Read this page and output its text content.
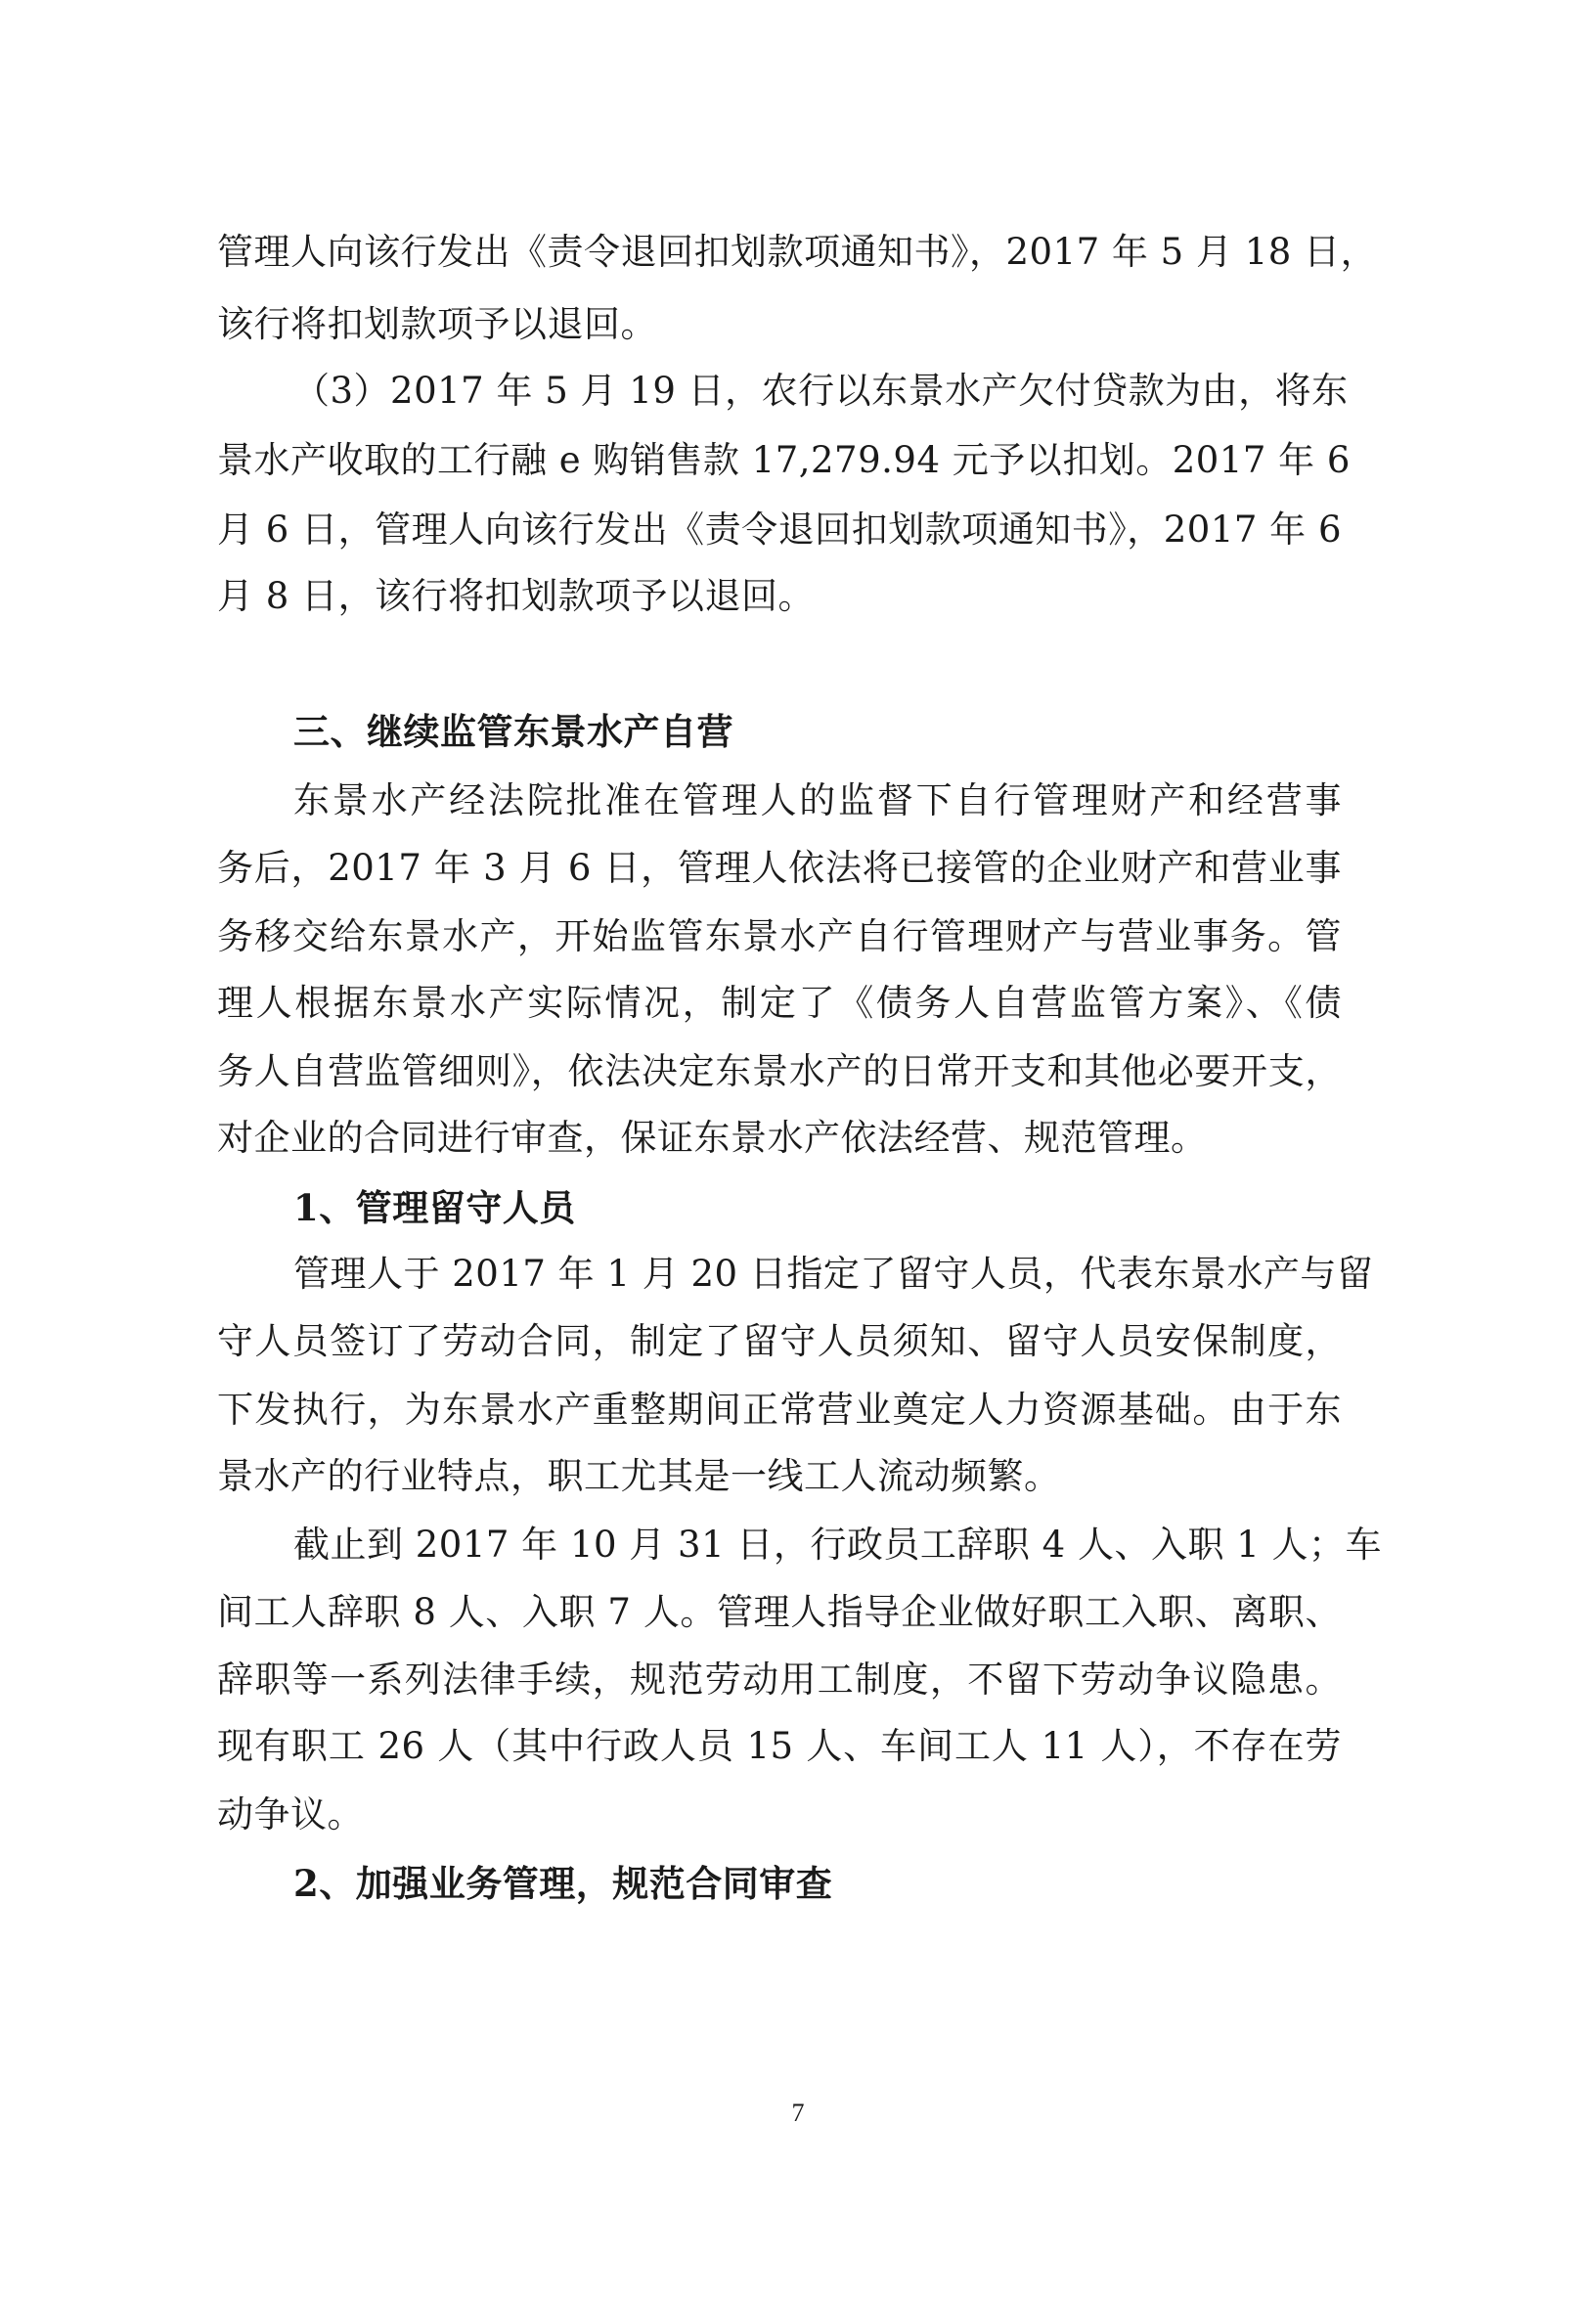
管理人向该行发出《责令退回扣划款项通知书》，2017 年 5 月 18 日，
该行将扣划款项予以退回。
（3）2017 年 5 月 19 日，农行以东景水产欠付贷款为由，将东
景水产收取的工行融 e 购销售款 17,279.94 元予以扣划。2017 年 6
月 6 日，管理人向该行发出《责令退回扣划款项通知书》，2017 年 6
月 8 日，该行将扣划款项予以退回。
三、继续监管东景水产自营
东景水产经法院批准在管理人的监督下自行管理财产和经营事
务后，2017 年 3 月 6 日，管理人依法将已接管的企业财产和营业事
务移交给东景水产，开始监管东景水产自行管理财产与营业事务。管
理人根据东景水产实际情况，制定了《债务人自营监管方案》、《债
务人自营监管细则》，依法决定东景水产的日常开支和其他必要开支，
对企业的合同进行审查，保证东景水产依法经营、规范管理。
1、管理留守人员
管理人于 2017 年 1 月 20 日指定了留守人员，代表东景水产与留
守人员签订了劳动合同，制定了留守人员须知、留守人员安保制度，
下发执行，为东景水产重整期间正常营业奠定人力资源基础。由于东
景水产的行业特点，职工尤其是一线工人流动频繁。
截止到 2017 年 10 月 31 日，行政员工辞职 4 人、入职 1 人；车
间工人辞职 8 人、入职 7 人。管理人指导企业做好职工入职、离职、
辞职等一系列法律手续，规范劳动用工制度，不留下劳动争议隐患。
现有职工 26 人（其中行政人员 15 人、车间工人 11 人），不存在劳
动争议。
2、加强业务管理，规范合同审查
7
